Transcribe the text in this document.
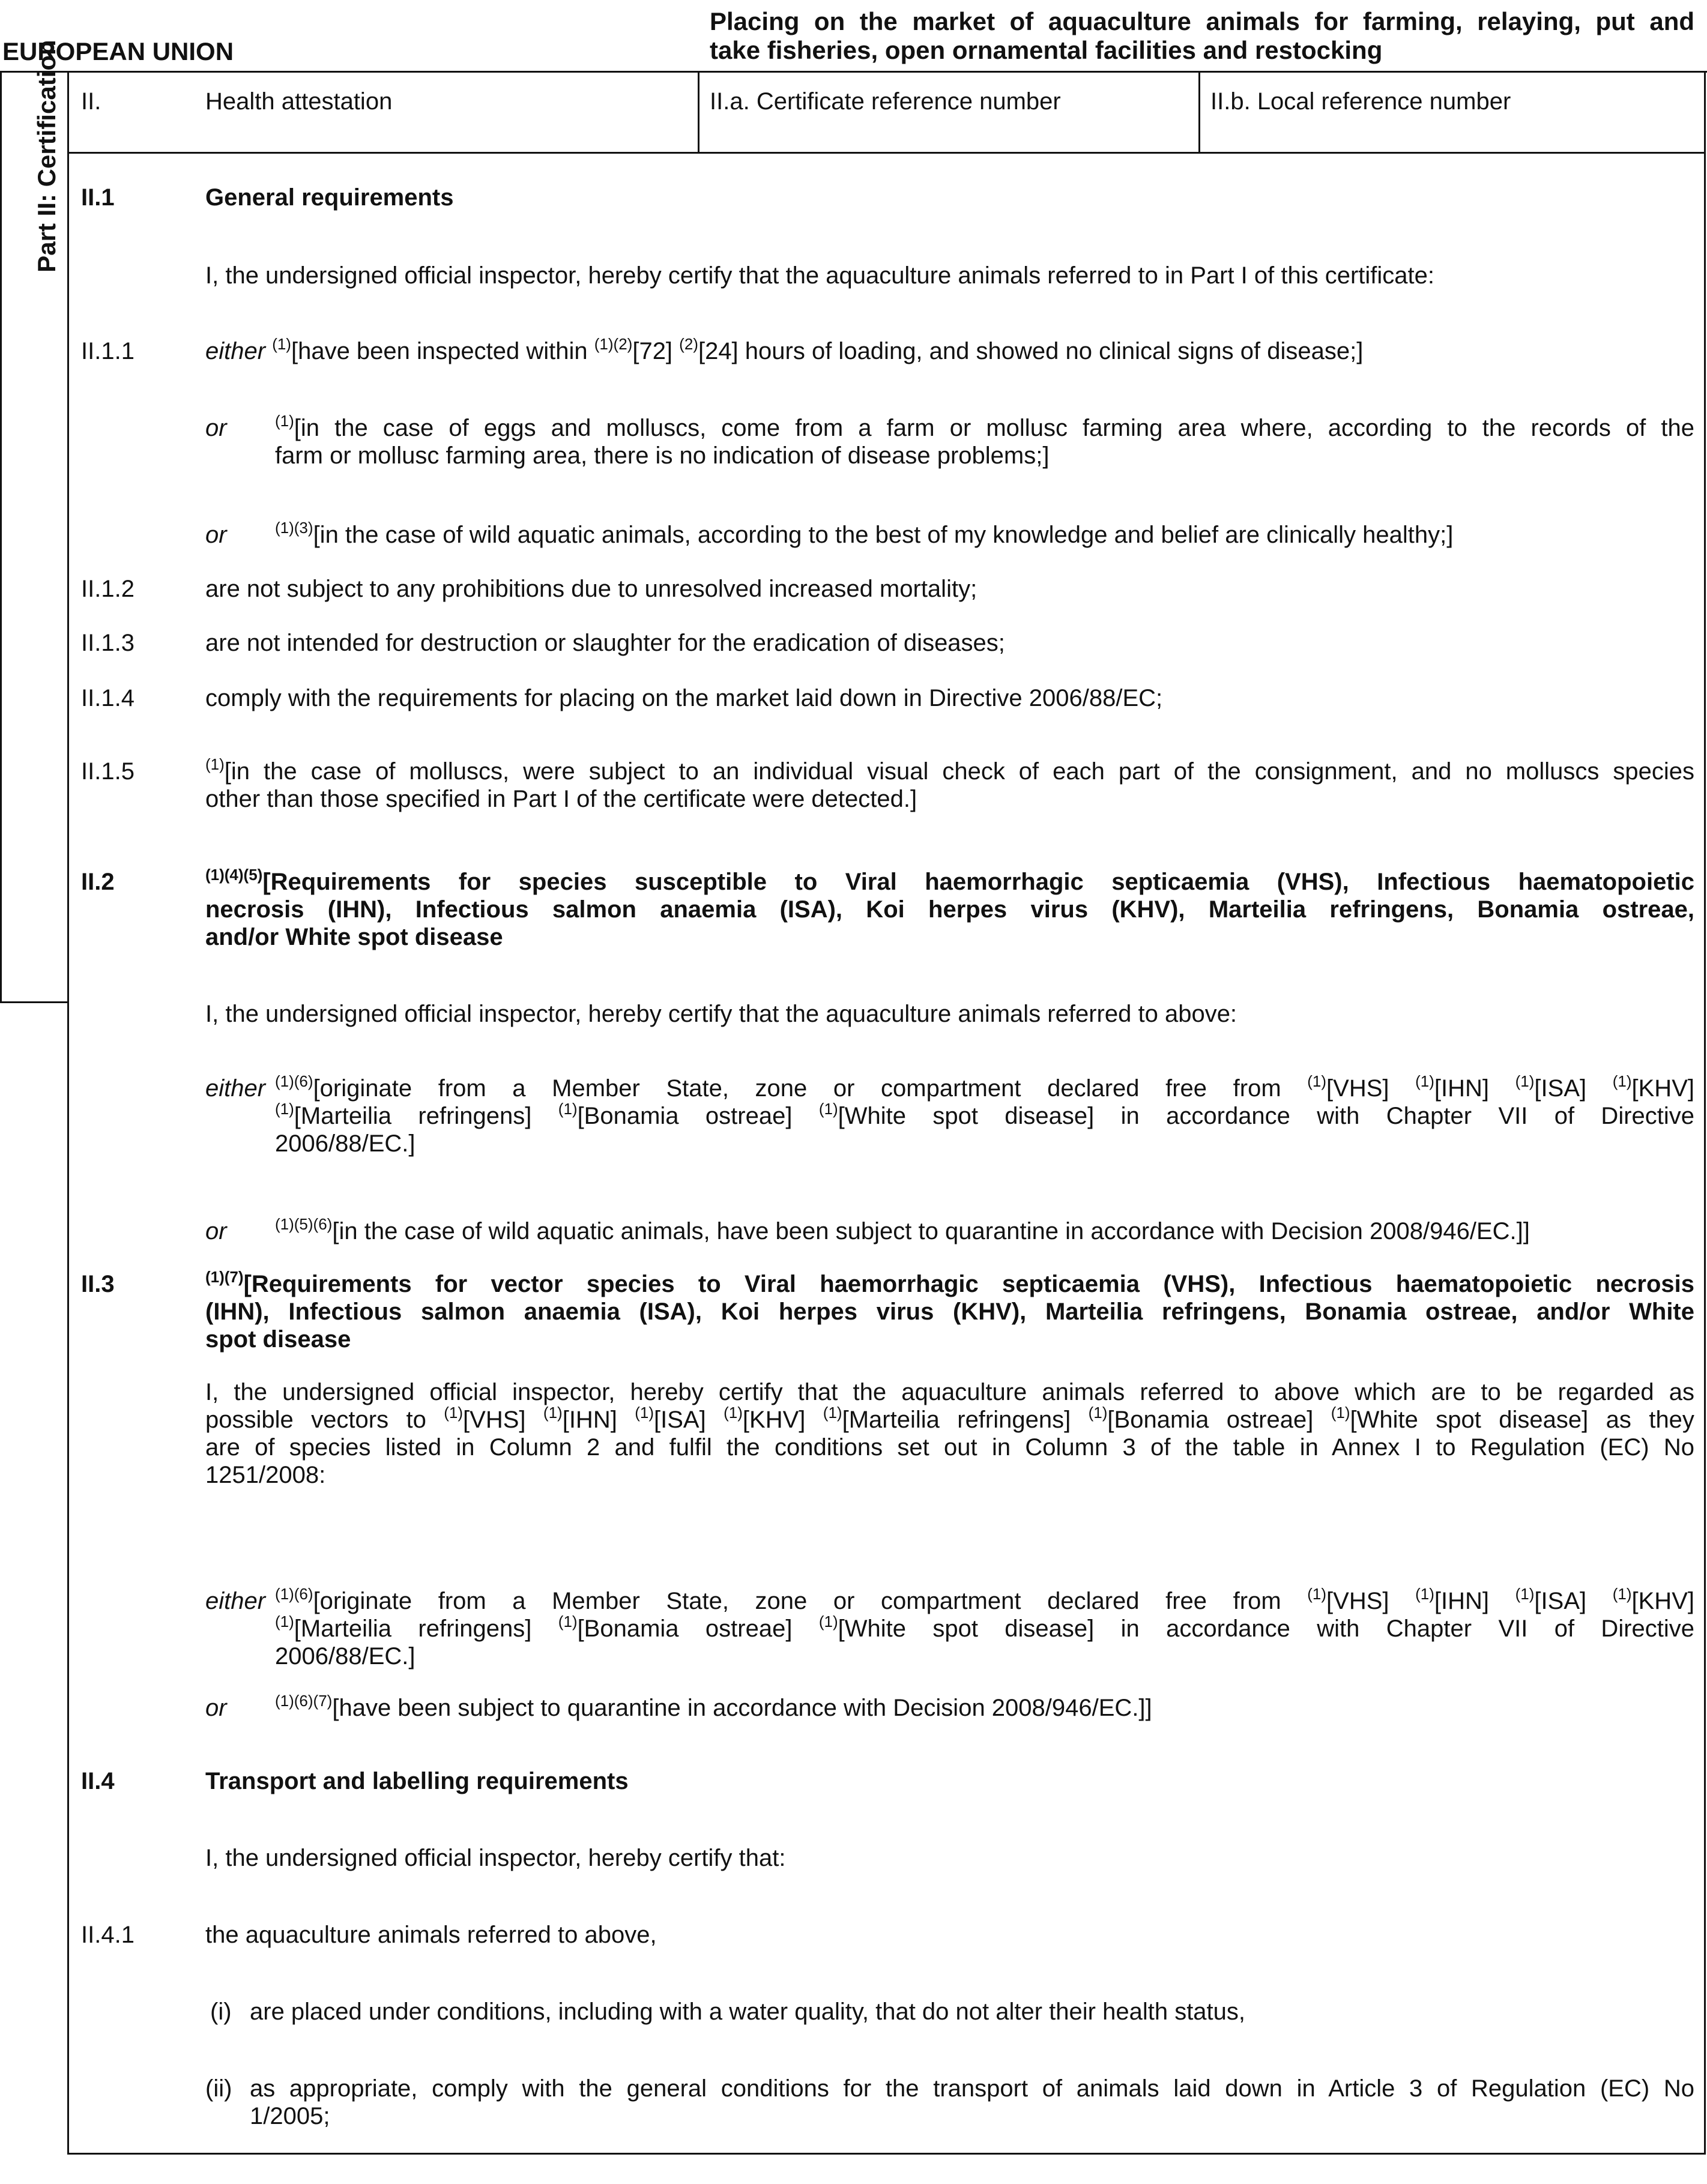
EUROPEAN UNION
Placing on the market of aquaculture animals for farming, relaying, put and
take fisheries, open ornamental facilities and restocking
II.	Health attestation	II.a. Certificate reference number	II.b. Local reference number
Part II: Certification II.1	General requirements
I, the undersigned official inspector, hereby certify that the aquaculture animals referred to in Part I of this certificate:
II.1.1	either $^{(1)}$[have been inspected within $^{(1)(2)}$[72] $^{(2)}$[24] hours of loading, and showed no clinical signs of disease;]
or	$^{(1)}$[in the case of eggs and molluscs, come from a farm or mollusc farming area where, according to the records of the
farm or mollusc farming area, there is no indication of disease problems;]
or	$^{(1)(3)}$[in the case of wild aquatic animals, according to the best of my knowledge and belief are clinically healthy;]
II.1.2	are not subject to any prohibitions due to unresolved increased mortality;
II.1.3	are not intended for destruction or slaughter for the eradication of diseases;
II.1.4	comply with the requirements for placing on the market laid down in Directive 2006/88/EC;
II.1.5	$^{(1)}$[in the case of molluscs, were subject to an individual visual check of each part of the consignment, and no molluscs species
other than those specified in Part I of the certificate were detected.]
II.2	$^{(1)(4)(5)}$[Requirements for species susceptible to Viral haemorrhagic septicaemia (VHS), Infectious haematopoietic
necrosis (IHN), Infectious salmon anaemia (ISA), Koi herpes virus (KHV), Marteilia refringens, Bonamia ostreae,
and/or White spot disease
I, the undersigned official inspector, hereby certify that the aquaculture animals referred to above:
either $^{(1)(6)}$[originate from a Member State, zone or compartment declared free from $^{(1)}$[VHS] $^{(1)}$[IHN] $^{(1)}$[ISA] $^{(1)}$[KHV]
$^{(1)}$[Marteilia refringens] $^{(1)}$[Bonamia ostreae] $^{(1)}$[White spot disease] in accordance with Chapter VII of Directive
2006/88/EC.]
or	$^{(1)(5)(6)}$[in the case of wild aquatic animals, have been subject to quarantine in accordance with Decision 2008/946/EC.]]
II.3	$^{(1)(7)}$[Requirements for vector species to Viral haemorrhagic septicaemia (VHS), Infectious haematopoietic necrosis
(IHN), Infectious salmon anaemia (ISA), Koi herpes virus (KHV), Marteilia refringens, Bonamia ostreae, and/or White
spot disease
I, the undersigned official inspector, hereby certify that the aquaculture animals referred to above which are to be regarded as
possible vectors to $^{(1)}$[VHS] $^{(1)}$[IHN] $^{(1)}$[ISA] $^{(1)}$[KHV] $^{(1)}$[Marteilia refringens] $^{(1)}$[Bonamia ostreae] $^{(1)}$[White spot disease] as they
are of species listed in Column 2 and fulfil the conditions set out in Column 3 of the table in Annex I to Regulation (EC) No
1251/2008:
either $^{(1)(6)}$[originate from a Member State, zone or compartment declared free from $^{(1)}$[VHS] $^{(1)}$[IHN] $^{(1)}$[ISA] $^{(1)}$[KHV]
$^{(1)}$[Marteilia refringens] $^{(1)}$[Bonamia ostreae] $^{(1)}$[White spot disease] in accordance with Chapter VII of Directive
2006/88/EC.]
or	$^{(1)(6)(7)}$[have been subject to quarantine in accordance with Decision 2008/946/EC.]]
II.4	Transport and labelling requirements
I, the undersigned official inspector, hereby certify that:
II.4.1	the aquaculture animals referred to above,
(i) are placed under conditions, including with a water quality, that do not alter their health status,
(ii) as appropriate, comply with the general conditions for the transport of animals laid down in Article 3 of Regulation (EC) No
1/2005;
